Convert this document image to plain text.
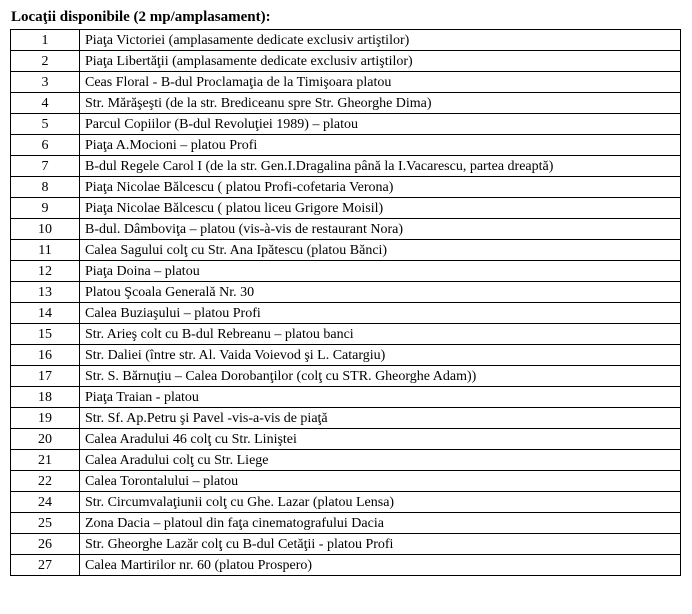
Locaţii disponibile (2 mp/amplasament):
1	Piaţa Victoriei (amplasamente dedicate exclusiv artiştilor)
2	Piaţa Libertăţii (amplasamente dedicate exclusiv artiştilor)
3	Ceas Floral - B-dul Proclamaţia de la Timişoara platou
4	Str. Mărăşeşti (de la str. Brediceanu spre Str. Gheorghe Dima)
5	Parcul Copiilor (B-dul Revoluţiei 1989) – platou
6	Piaţa A.Mocioni – platou Profi
7	B-dul Regele Carol I (de la str. Gen.I.Dragalina până la I.Vacarescu, partea dreaptă)
8	Piaţa Nicolae Bălcescu ( platou Profi-cofetaria Verona)
9	Piaţa Nicolae Bălcescu ( platou liceu Grigore Moisil)
10	B-dul. Dâmboviţa – platou (vis-à-vis de restaurant Nora)
11	Calea Sagului colţ cu Str. Ana Ipătescu (platou Bănci)
12	Piaţa Doina – platou
13	Platou Şcoala Generală Nr. 30
14	Calea Buziaşului – platou Profi
15	Str. Arieş colt cu B-dul Rebreanu – platou banci
16	Str. Daliei (între str. Al. Vaida Voievod şi L. Catargiu)
17	Str. S. Bărnuţiu – Calea Dorobanţilor (colţ cu STR. Gheorghe Adam))
18	Piaţa Traian - platou
19	Str. Sf. Ap.Petru şi Pavel -vis-a-vis de piaţă
20	Calea Aradului 46 colţ cu Str. Liniştei
21	Calea Aradului colţ cu Str. Liege
22	Calea Torontalului – platou
24	Str. Circumvalaţiunii colţ cu Ghe. Lazar (platou Lensa)
25	Zona Dacia – platoul din faţa cinematografului Dacia
26	Str. Gheorghe Lazăr colţ cu B-dul Cetăţii - platou Profi
27	Calea Martirilor nr. 60 (platou Prospero)
